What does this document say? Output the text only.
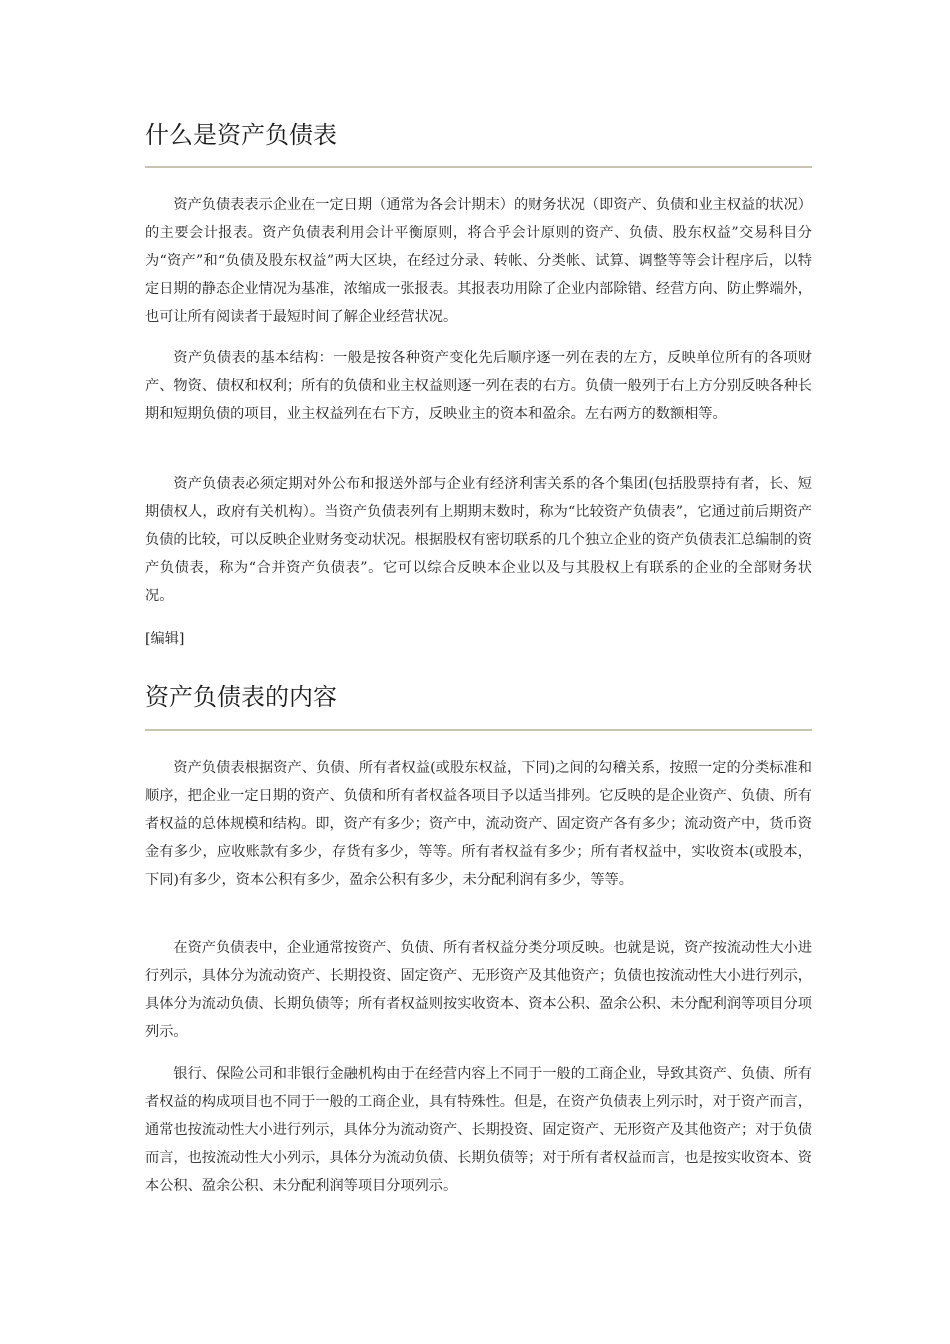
什么是资产负债表

资产负债表表示企业在一定日期（通常为各会计期末）的财务状况（即资产、负债和业主权益的状况）的主要会计报表。资产负债表利用会计平衡原则，将合乎会计原则的资产、负债、股东权益”交易科目分为“资产”和“负债及股东权益”两大区块，在经过分录、转帐、分类帐、试算、调整等等会计程序后，以特定日期的静态企业情况为基准，浓缩成一张报表。其报表功用除了企业内部除错、经营方向、防止弊端外，也可让所有阅读者于最短时间了解企业经营状况。

资产负债表的基本结构：一般是按各种资产变化先后顺序逐一列在表的左方，反映单位所有的各项财产、物资、债权和权利；所有的负债和业主权益则逐一列在表的右方。负债一般列于右上方分别反映各种长期和短期负债的项目，业主权益列在右下方，反映业主的资本和盈余。左右两方的数额相等。

资产负债表必须定期对外公布和报送外部与企业有经济利害关系的各个集团(包括股票持有者，长、短期债权人，政府有关机构）。当资产负债表列有上期期末数时，称为“比较资产负债表”，它通过前后期资产负债的比较，可以反映企业财务变动状况。根据股权有密切联系的几个独立企业的资产负债表汇总编制的资产负债表，称为“合并资产负债表”。它可以综合反映本企业以及与其股权上有联系的企业的全部财务状况。

[编辑]

资产负债表的内容

资产负债表根据资产、负债、所有者权益(或股东权益，下同)之间的勾稽关系，按照一定的分类标准和顺序，把企业一定日期的资产、负债和所有者权益各项目予以适当排列。它反映的是企业资产、负债、所有者权益的总体规模和结构。即，资产有多少；资产中，流动资产、固定资产各有多少；流动资产中，货币资金有多少，应收账款有多少，存货有多少，等等。所有者权益有多少；所有者权益中，实收资本(或股本，下同)有多少，资本公积有多少，盈余公积有多少，未分配利润有多少，等等。

在资产负债表中，企业通常按资产、负债、所有者权益分类分项反映。也就是说，资产按流动性大小进行列示，具体分为流动资产、长期投资、固定资产、无形资产及其他资产；负债也按流动性大小进行列示，具体分为流动负债、长期负债等；所有者权益则按实收资本、资本公积、盈余公积、未分配利润等项目分项列示。

银行、保险公司和非银行金融机构由于在经营内容上不同于一般的工商企业，导致其资产、负债、所有者权益的构成项目也不同于一般的工商企业，具有特殊性。但是，在资产负债表上列示时，对于资产而言，通常也按流动性大小进行列示，具体分为流动资产、长期投资、固定资产、无形资产及其他资产；对于负债而言，也按流动性大小列示，具体分为流动负债、长期负债等；对于所有者权益而言，也是按实收资本、资本公积、盈余公积、未分配利润等项目分项列示。
